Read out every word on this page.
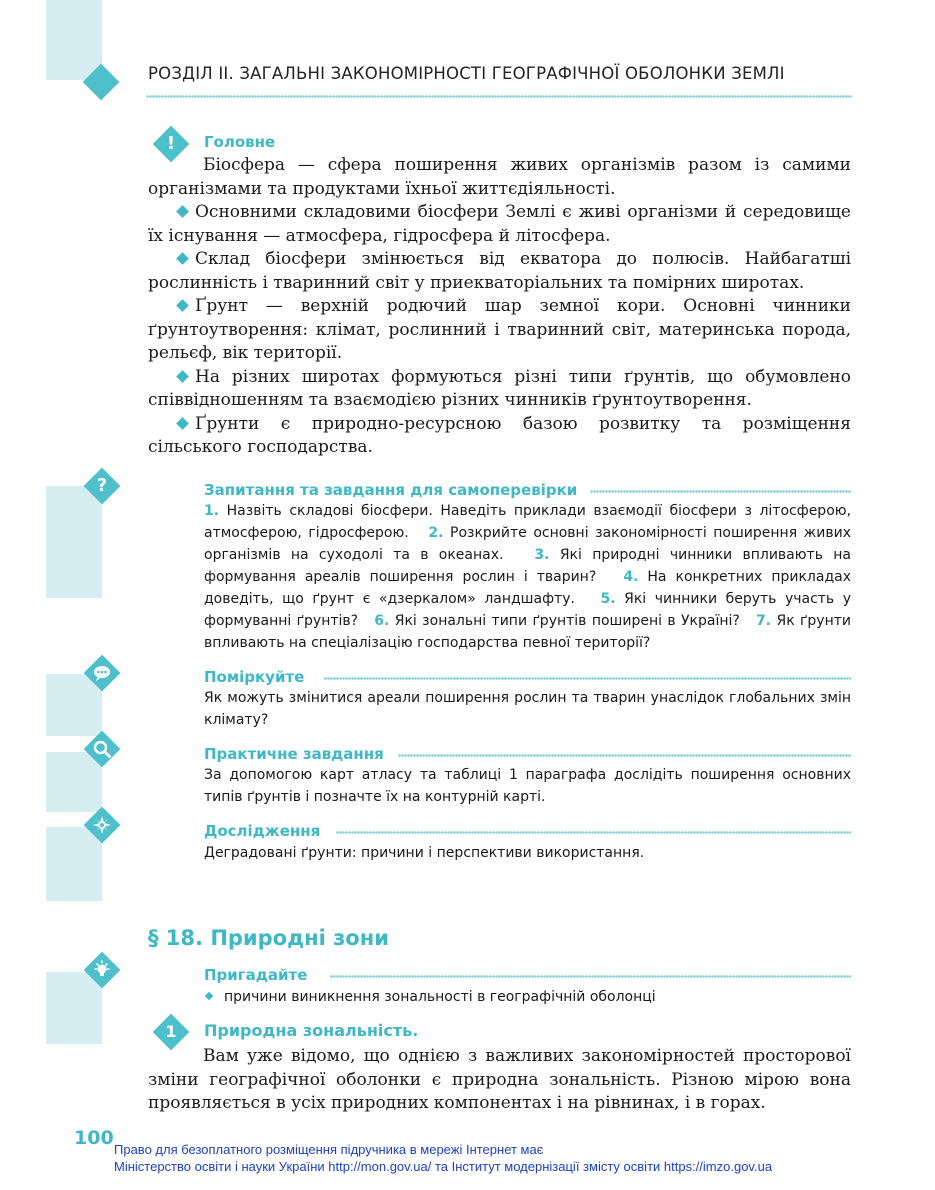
РОЗДІЛ ІІ. ЗАГАЛЬНІ ЗАКОНОМІРНОСТІ ГЕОГРАФІЧНОЇ ОБОЛОНКИ ЗЕМЛІ
!	Головне

Біосфера — сфера поширення живих організмів разом із самими організмами та продуктами їхньої життєдіяльності.

Основними складовими біосфери Землі є живі організми й середовище їх існування — атмосфера, гідросфера й літосфера.

Склад біосфери змінюється від екватора до полюсів. Найбагатші рослинність і тваринний світ у приекваторіальних та помірних широтах.

Ґрунт — верхній родючий шар земної кори. Основні чинники ґрунтоутворення: клімат, рослинний і тваринний світ, материнська порода, рельєф, вік території.

На різних широтах формуються різні типи ґрунтів, що обумовлено співвідношенням та взаємодією різних чинників ґрунтоутворення.

Ґрунти є природно-ресурсною базою розвитку та розміщення сільського господарства.

?	Запитання та завдання для самоперевірки
1. Назвіть складові біосфери. Наведіть приклади взаємодії біосфери з літосферою, атмосферою, гідросферою. 2. Розкрийте основні закономірності поширення живих організмів на суходолі та в океанах. 3. Які природні чинники впливають на формування ареалів поширення рослин і тварин? 4. На конкретних прикладах доведіть, що ґрунт є «дзеркалом» ландшафту. 5. Які чинники беруть участь у формуванні ґрунтів? 6. Які зональні типи ґрунтів поширені в Україні? 7. Як ґрунти впливають на спеціалізацію господарства певної території?
Поміркуйте
Як можуть змінитися ареали поширення рослин та тварин унаслідок глобальних змін клімату?
Практичне завдання
За допомогою карт атласу та таблиці 1 параграфа дослідіть поширення основних типів ґрунтів і позначте їх на контурній карті.
Дослідження
Деградовані ґрунти: причини і перспективи використання.
§ 18. Природні зони
Пригадайте
причини виникнення зональності в географічній оболонці
1	Природна зональність.

Вам уже відомо, що однією з важливих закономірностей просторової зміни географічної оболонки є природна зональність. Різною мірою вона проявляється в усіх природних компонентах і на рівнинах, і в горах.

100
Право для безоплатного розміщення підручника в мережі Інтернет має
Міністерство освіти і науки України http://mon.gov.ua/ та Інститут модернізації змісту освіти https://imzo.gov.ua
